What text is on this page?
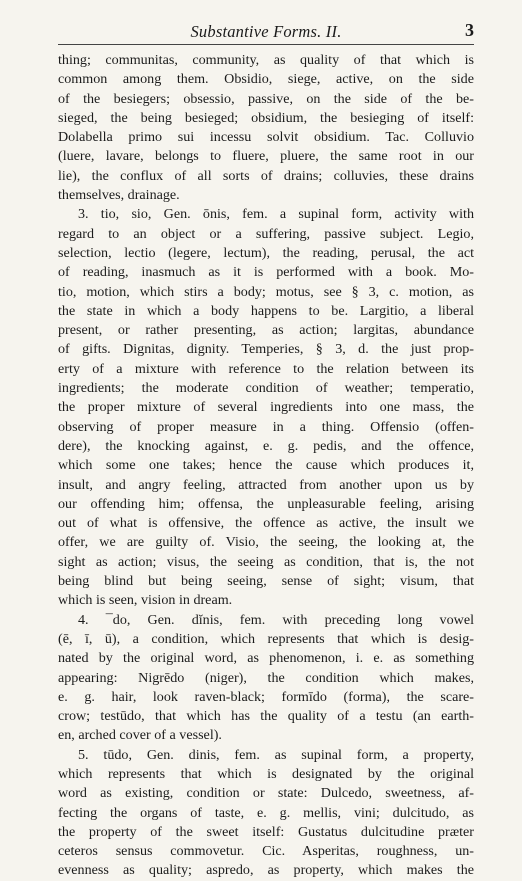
Substantive Forms. II.	3
thing; communitas, community, as quality of that which is
common among them. Obsidio, siege, active, on the side
of the besiegers; obsessio, passive, on the side of the be-
sieged, the being besieged; obsidium, the besieging of itself:
Dolabella primo sui incessu solvit obsidium. Tac. Colluvio
(luere, lavare, belongs to fluere, pluere, the same root in our
lie), the conflux of all sorts of drains; colluvies, these drains
themselves, drainage.
3. tio, sio, Gen. ōnis, fem. a supinal form, activity with
regard to an object or a suffering, passive subject. Legio,
selection, lectio (legere, lectum), the reading, perusal, the act
of reading, inasmuch as it is performed with a book. Mo-
tio, motion, which stirs a body; motus, see § 3, c. motion, as
the state in which a body happens to be. Largitio, a liberal
present, or rather presenting, as action; largitas, abundance
of gifts. Dignitas, dignity. Temperies, § 3, d. the just prop-
erty of a mixture with reference to the relation between its
ingredients; the moderate condition of weather; temperatio,
the proper mixture of several ingredients into one mass, the
observing of proper measure in a thing. Offensio (offen-
dere), the knocking against, e. g. pedis, and the offence,
which some one takes; hence the cause which produces it,
insult, and angry feeling, attracted from another upon us by
our offending him; offensa, the unpleasurable feeling, arising
out of what is offensive, the offence as active, the insult we
offer, we are guilty of. Visio, the seeing, the looking at, the
sight as action; visus, the seeing as condition, that is, the not
being blind but being seeing, sense of sight; visum, that
which is seen, vision in dream.
4. ¯do, Gen. dĭnis, fem. with preceding long vowel
(ē, ī, ū), a condition, which represents that which is desig-
nated by the original word, as phenomenon, i. e. as something
appearing: Nigrēdo (niger), the condition which makes,
e. g. hair, look raven-black; formīdo (forma), the scare-
crow; testūdo, that which has the quality of a testu (an earth-
en, arched cover of a vessel).
5. tūdo, Gen. dinis, fem. as supinal form, a property,
which represents that which is designated by the original
word as existing, condition or state: Dulcedo, sweetness, af-
fecting the organs of taste, e. g. mellis, vini; dulcitudo, as
the property of the sweet itself: Gustatus dulcitudine præter
ceteros sensus commovetur. Cic. Asperitas, roughness, un-
evenness as quality; aspredo, as property, which makes the
